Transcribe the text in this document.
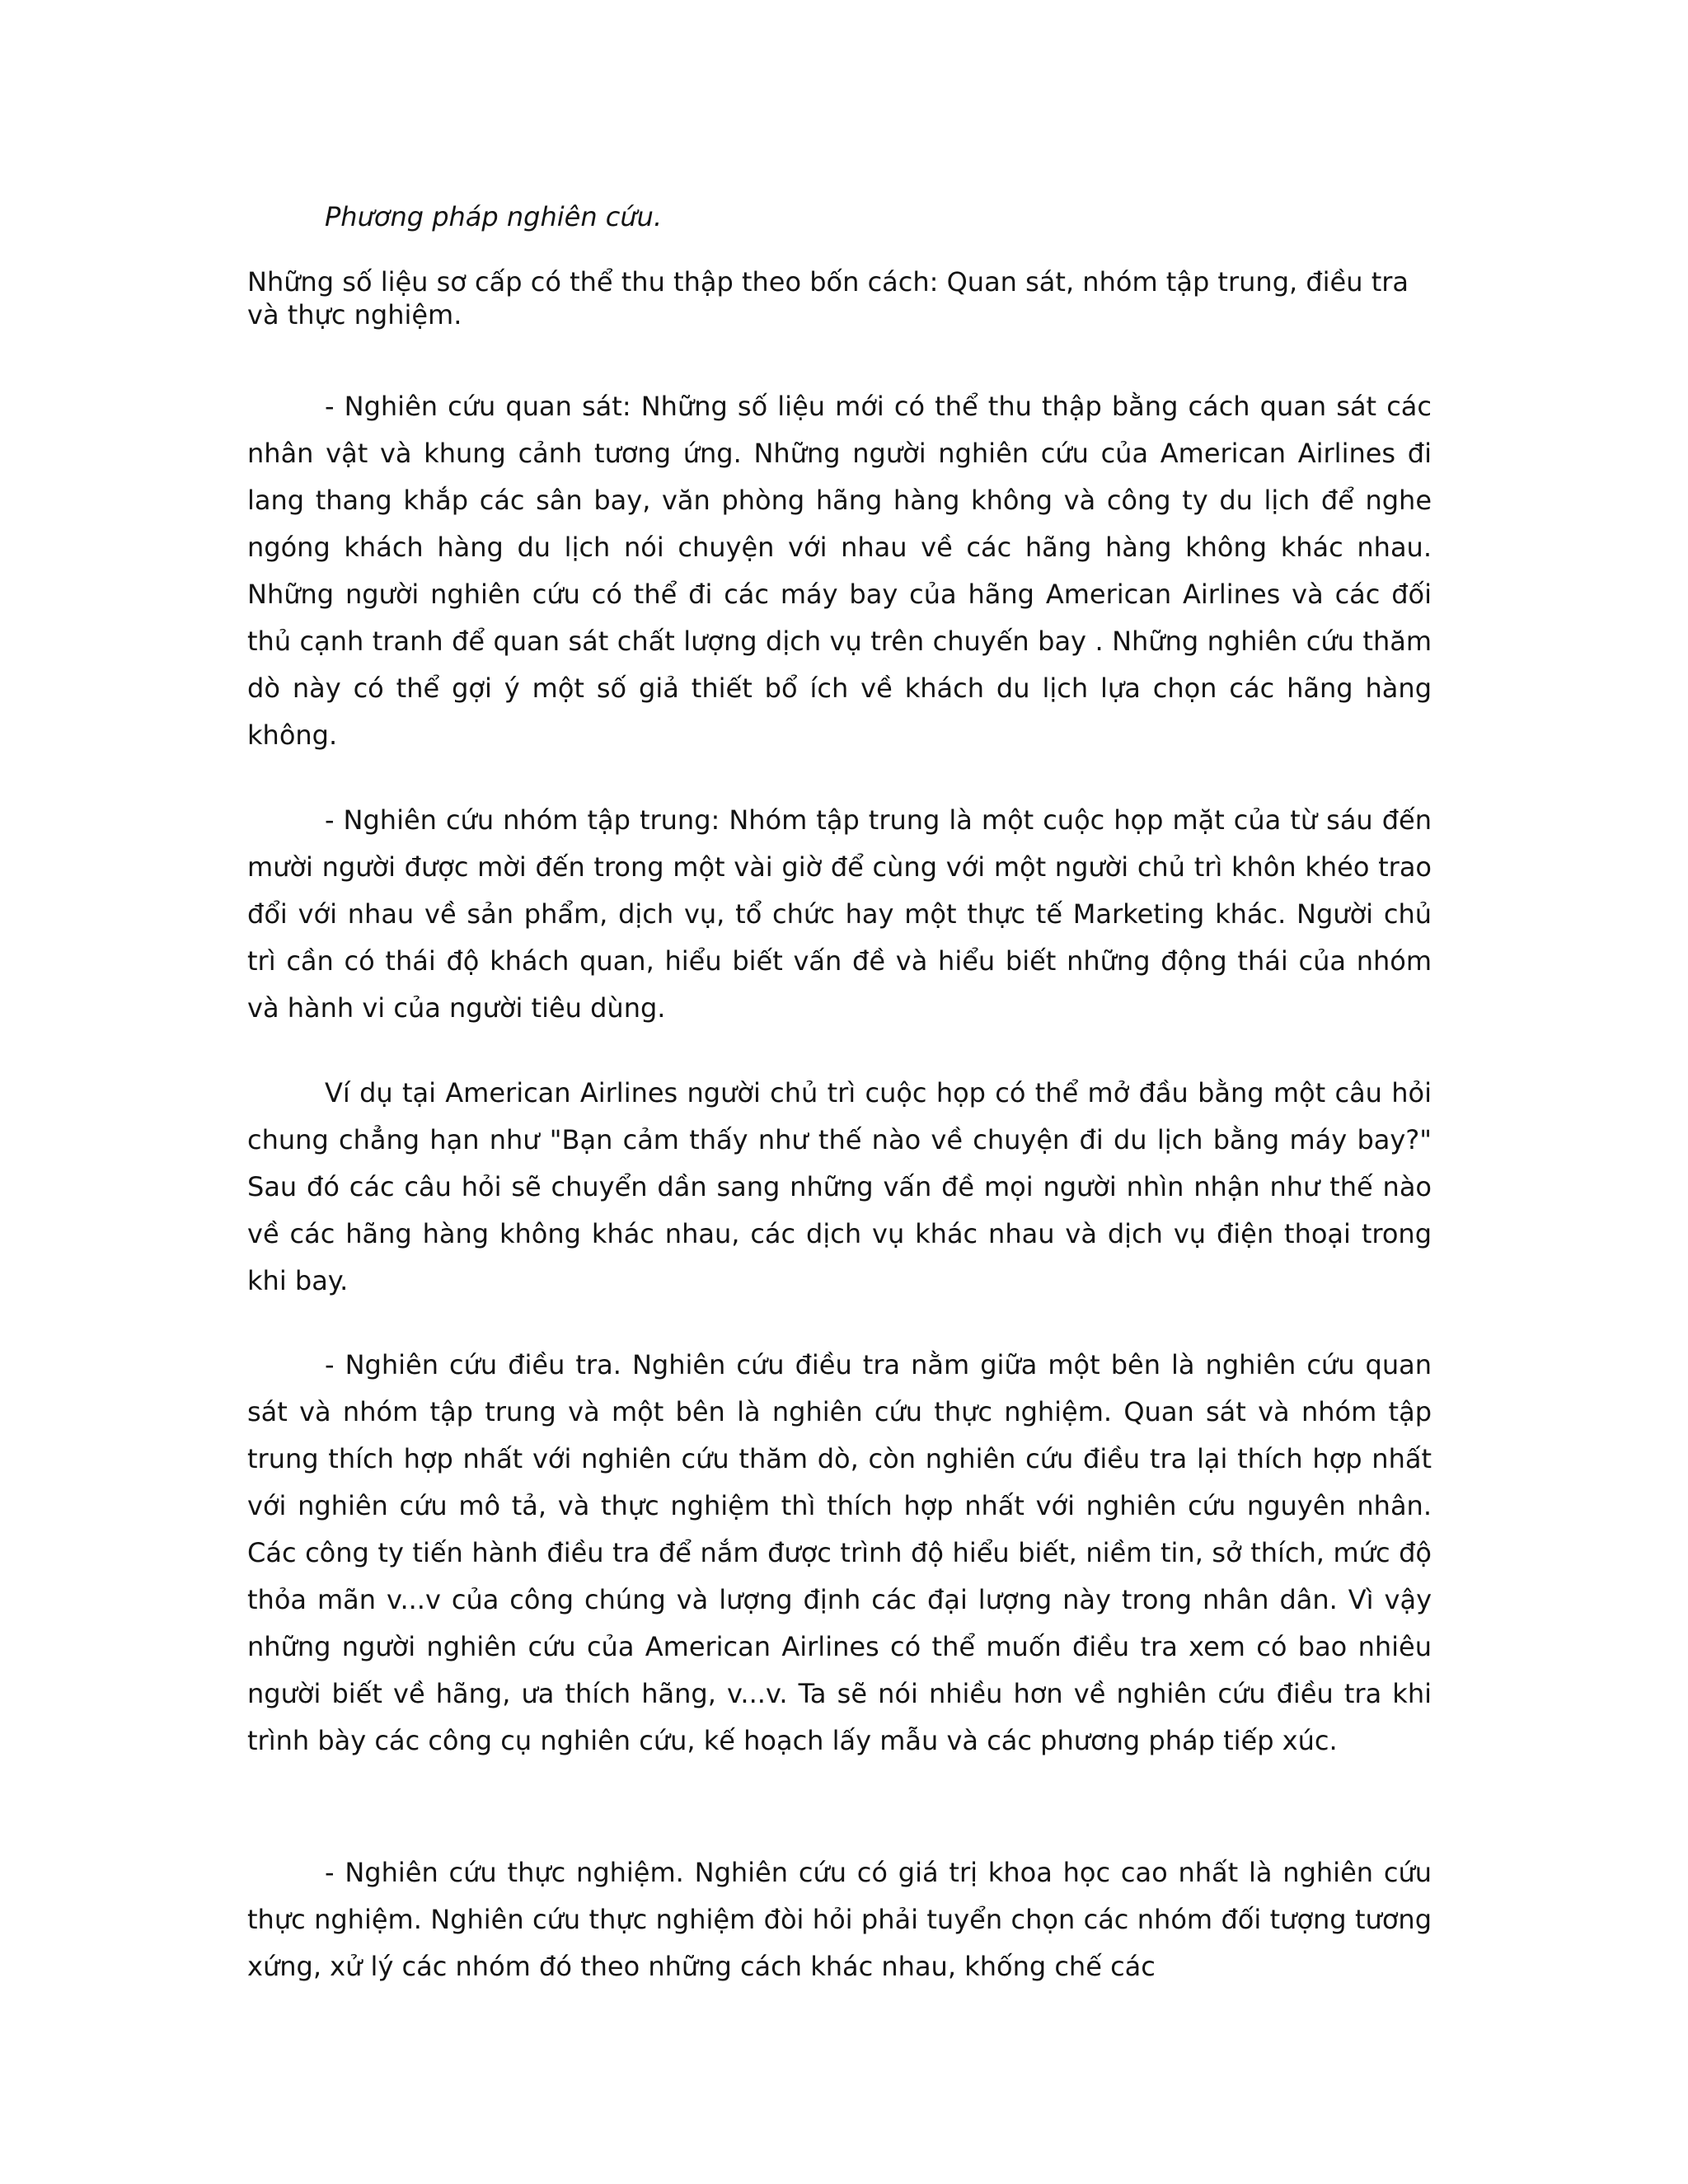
Phương pháp nghiên cứu.

Những số liệu sơ cấp có thể thu thập theo bốn cách: Quan sát, nhóm tập trung, điều tra và thực nghiệm.

- Nghiên cứu quan sát: Những số liệu mới có thể thu thập bằng cách quan sát các nhân vật và khung cảnh tương ứng. Những người nghiên cứu của American Airlines đi lang thang khắp các sân bay, văn phòng hãng hàng không và công ty du lịch để nghe ngóng khách hàng du lịch nói chuyện với nhau về các hãng hàng không khác nhau. Những người nghiên cứu có thể đi các máy bay của hãng American Airlines và các đối thủ cạnh tranh để quan sát chất lượng dịch vụ trên chuyến bay . Những nghiên cứu thăm dò này có thể gợi ý một số giả thiết bổ ích về khách du lịch lựa chọn các hãng hàng không.

- Nghiên cứu nhóm tập trung: Nhóm tập trung là một cuộc họp mặt của từ sáu đến mười người được mời đến trong một vài giờ để cùng với một người chủ trì khôn khéo trao đổi với nhau về sản phẩm, dịch vụ, tổ chức hay một thực tế Marketing khác. Người chủ trì cần có thái độ khách quan, hiểu biết vấn đề và hiểu biết những động thái của nhóm và hành vi của người tiêu dùng.

Ví dụ tại American Airlines người chủ trì cuộc họp có thể mở đầu bằng một câu hỏi chung chẳng hạn như "Bạn cảm thấy như thế nào về chuyện đi du lịch bằng máy bay?" Sau đó các câu hỏi sẽ chuyển dần sang những vấn đề mọi người nhìn nhận như thế nào về các hãng hàng không khác nhau, các dịch vụ khác nhau và dịch vụ điện thoại trong khi bay.

- Nghiên cứu điều tra. Nghiên cứu điều tra nằm giữa một bên là nghiên cứu quan sát và nhóm tập trung và một bên là nghiên cứu thực nghiệm. Quan sát và nhóm tập trung thích hợp nhất với nghiên cứu thăm dò, còn nghiên cứu điều tra lại thích hợp nhất với nghiên cứu mô tả, và thực nghiệm thì thích hợp nhất với nghiên cứu nguyên nhân. Các công ty tiến hành điều tra để nắm được trình độ hiểu biết, niềm tin, sở thích, mức độ thỏa mãn v...v của công chúng và lượng định các đại lượng này trong nhân dân. Vì vậy những người nghiên cứu của American Airlines có thể muốn điều tra xem có bao nhiêu người biết về hãng, ưa thích hãng, v...v. Ta sẽ nói nhiều hơn về nghiên cứu điều tra khi trình bày các công cụ nghiên cứu, kế hoạch lấy mẫu và các phương pháp tiếp xúc.

- Nghiên cứu thực nghiệm. Nghiên cứu có giá trị khoa học cao nhất là nghiên cứu thực nghiệm. Nghiên cứu thực nghiệm đòi hỏi phải tuyển chọn các nhóm đối tượng tương xứng, xử lý các nhóm đó theo những cách khác nhau, khống chế các
